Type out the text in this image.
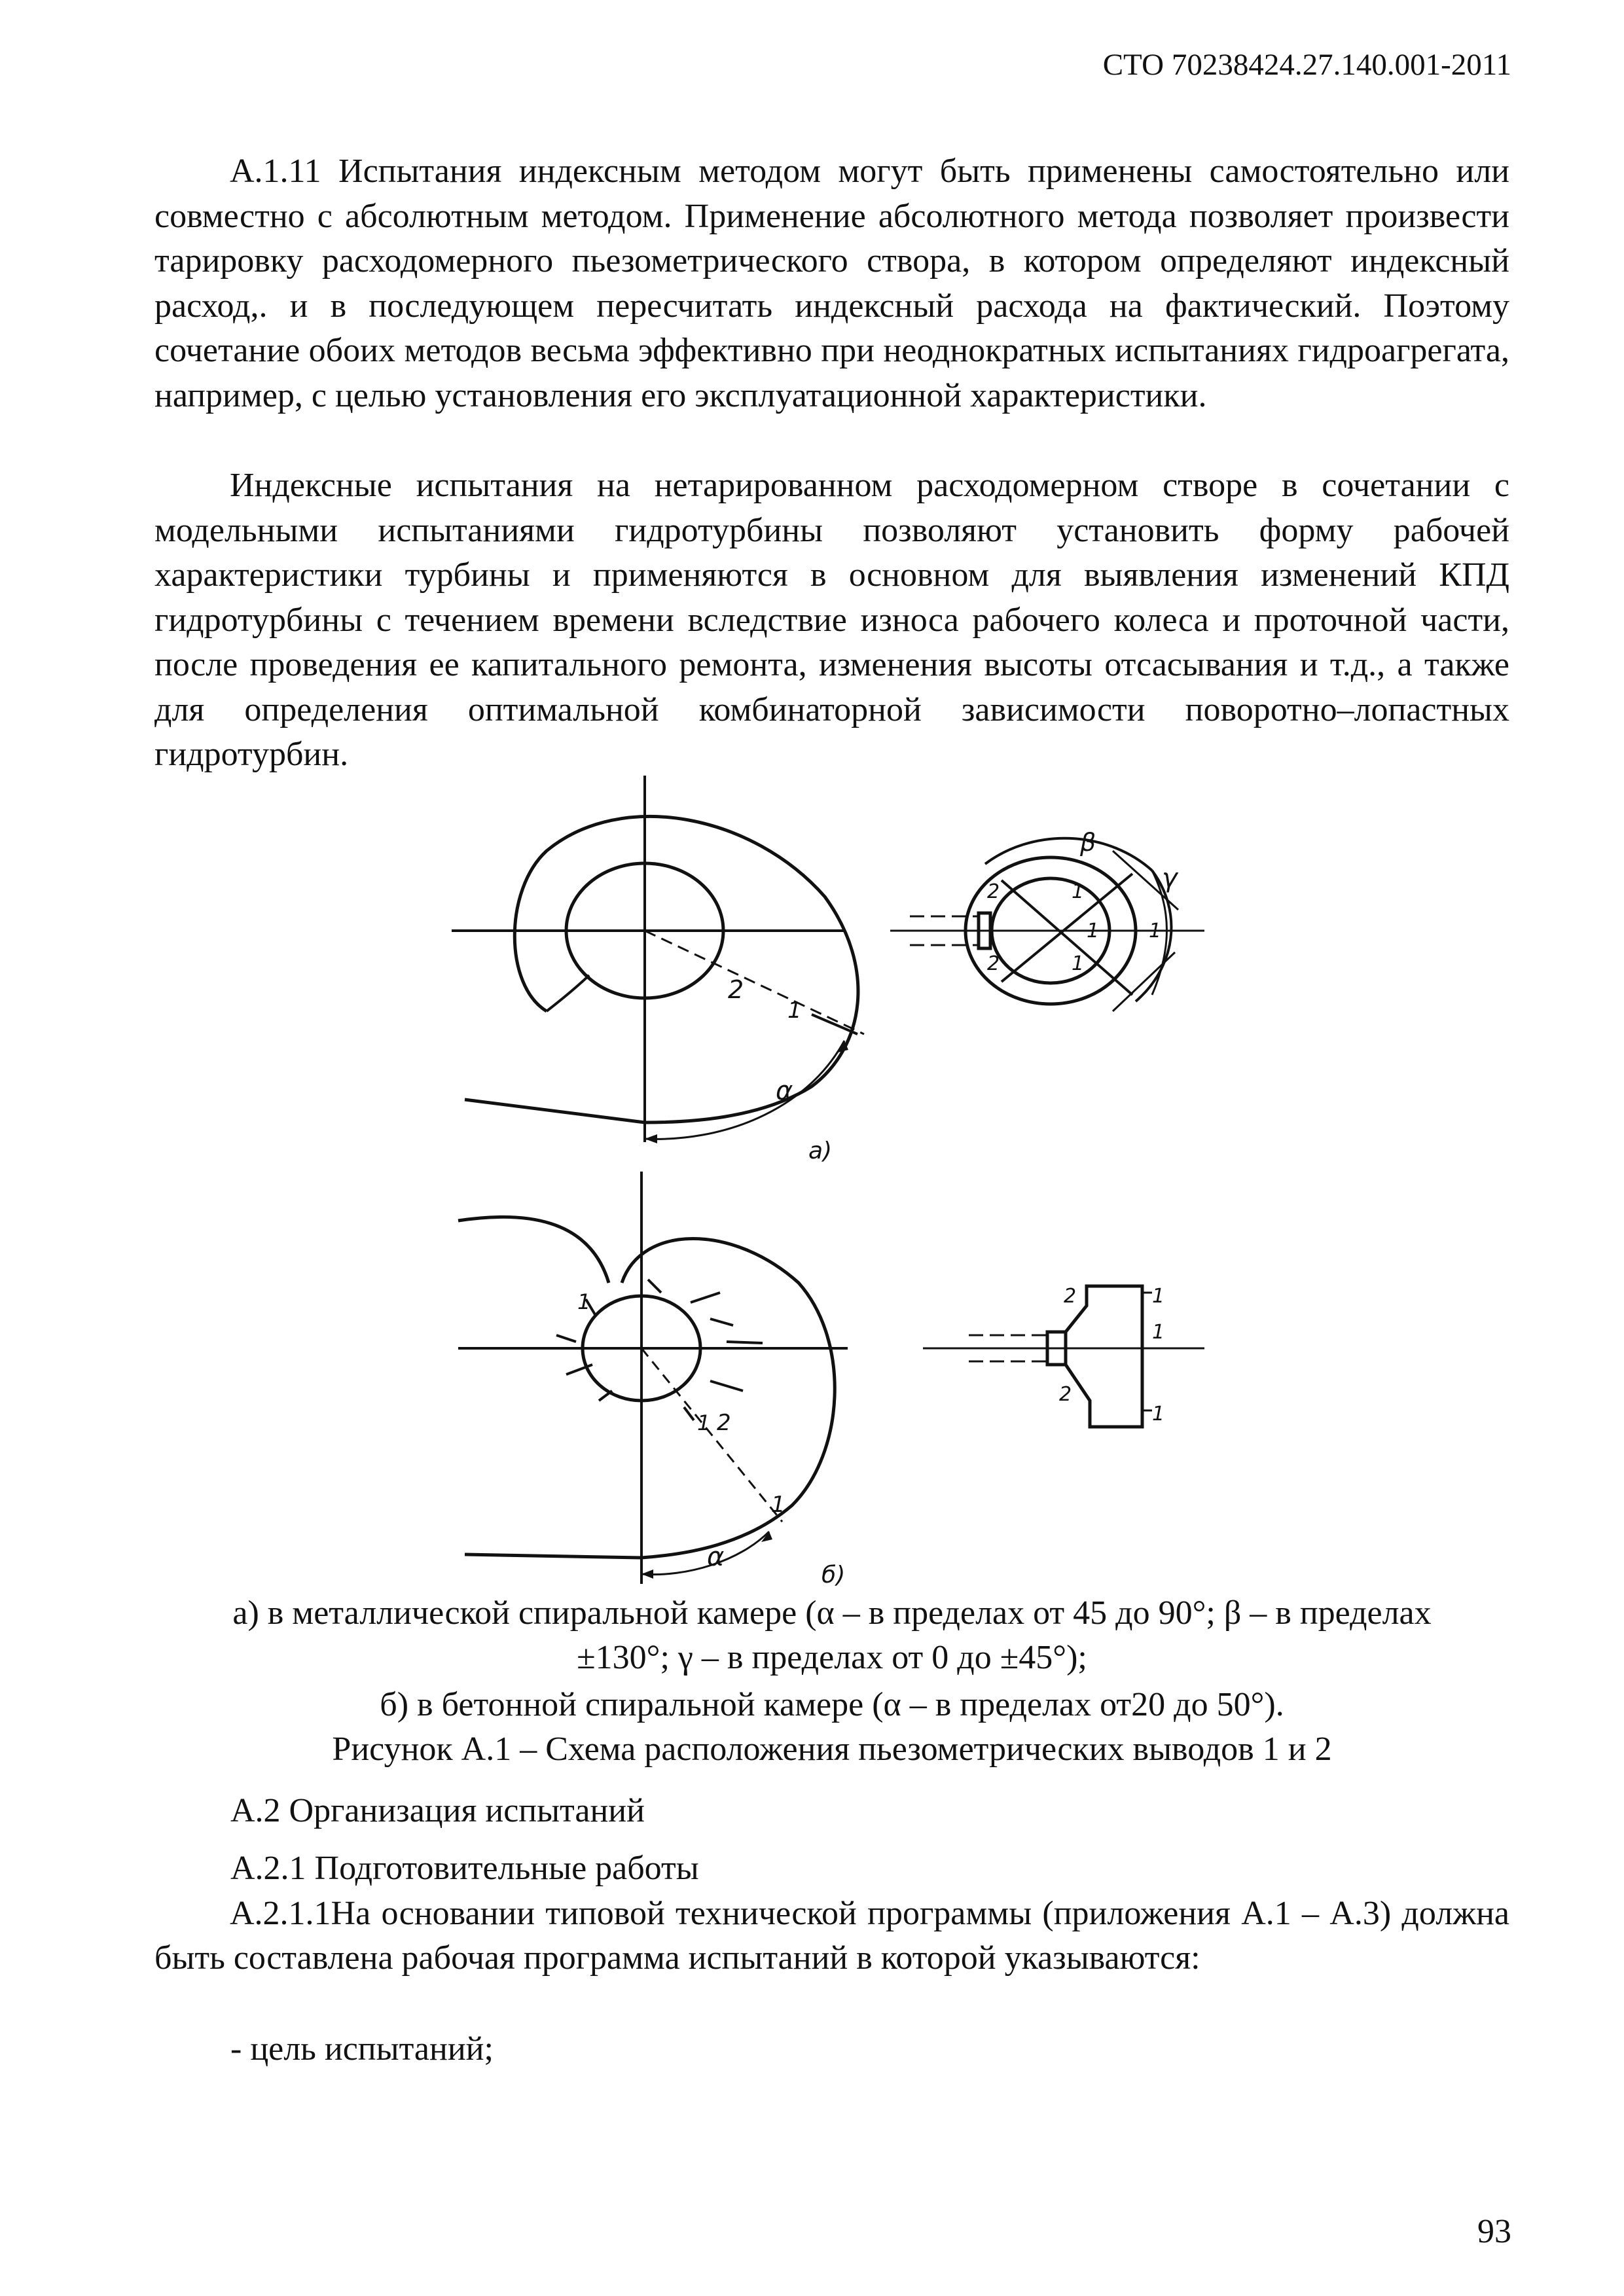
СТО 70238424.27.140.001-2011

А.1.11 Испытания индексным методом могут быть применены самостоятельно или совместно с абсолютным методом. Применение абсолютного метода позволяет произвести тарировку расходомерного пьезометрического створа, в котором определяют индексный расход,. и в последующем пересчитать индексный расхода на фактический. Поэтому сочетание обоих методов весьма эффективно при неоднократных испытаниях гидроагрегата, например, с целью установления его эксплуатационной характеристики.

Индексные испытания на нетарированном расходомерном створе в сочетании с модельными испытаниями гидротурбины позволяют установить форму рабочей характеристики турбины и применяются в основном для выявления изменений КПД гидротурбины с течением времени вследствие износа рабочего колеса и проточной части, после проведения ее капитального ремонта, изменения высоты отсасывания и т.д., а также для определения оптимальной комбинаторной зависимости поворотно–лопастных гидротурбин.

2
1
α
а)
β
γ
2
2
1
1
1
1
1
1 2
1
α
б)
2
2
1
1
1

а) в металлической спиральной камере (α – в пределах от 45 до 90°; β – в пределах

±130°; γ – в пределах от 0 до ±45°);

б) в бетонной спиральной камере (α – в пределах от20 до 50°).

Рисунок А.1 – Схема расположения пьезометрических выводов 1 и 2

А.2 Организация испытаний

А.2.1 Подготовительные работы

А.2.1.1На основании типовой технической программы (приложения А.1 – А.3) должна быть составлена рабочая программа испытаний в которой указываются:

- цель испытаний;

93
